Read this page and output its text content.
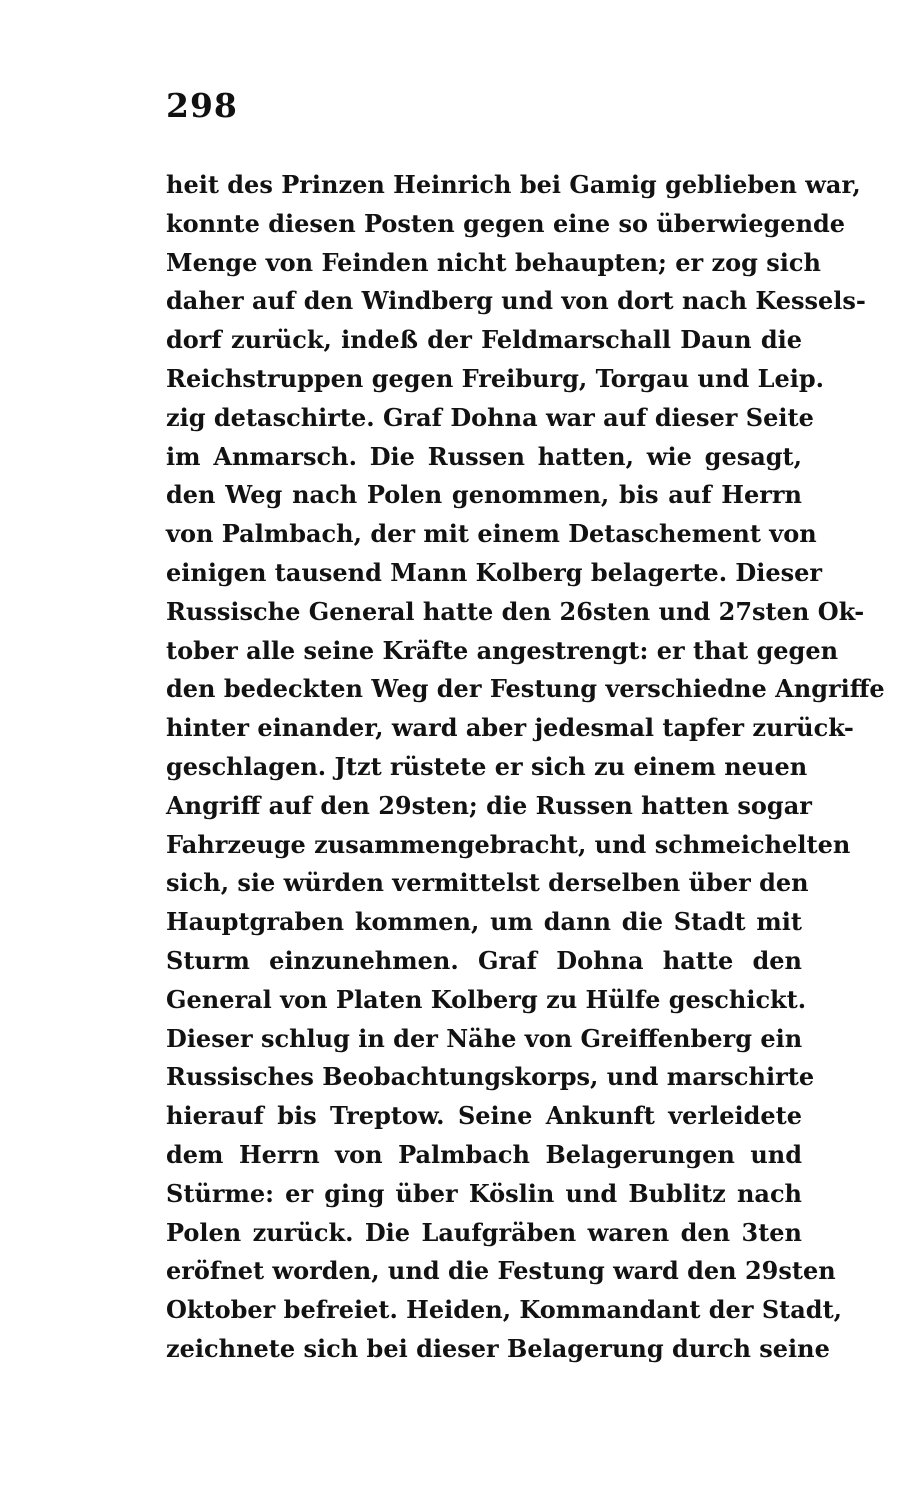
298
heit des Prinzen Heinrich bei Gamig geblieben war,
konnte diesen Posten gegen eine so überwiegende
Menge von Feinden nicht behaupten; er zog sich
daher auf den Windberg und von dort nach Kessels-
dorf zurück, indeß der Feldmarschall Daun die
Reichstruppen gegen Freiburg, Torgau und Leip.
zig detaschirte. Graf Dohna war auf dieser Seite
im Anmarsch. Die Russen hatten, wie gesagt,
den Weg nach Polen genommen, bis auf Herrn
von Palmbach, der mit einem Detaschement von
einigen tausend Mann Kolberg belagerte. Dieser
Russische General hatte den 26sten und 27sten Ok-
tober alle seine Kräfte angestrengt: er that gegen
den bedeckten Weg der Festung verschiedne Angriffe
hinter einander, ward aber jedesmal tapfer zurück-
geschlagen. Jtzt rüstete er sich zu einem neuen
Angriff auf den 29sten; die Russen hatten sogar
Fahrzeuge zusammengebracht, und schmeichelten
sich, sie würden vermittelst derselben über den
Hauptgraben kommen, um dann die Stadt mit
Sturm einzunehmen. Graf Dohna hatte den
General von Platen Kolberg zu Hülfe geschickt.
Dieser schlug in der Nähe von Greiffenberg ein
Russisches Beobachtungskorps, und marschirte
hierauf bis Treptow. Seine Ankunft verleidete
dem Herrn von Palmbach Belagerungen und
Stürme: er ging über Köslin und Bublitz nach
Polen zurück. Die Laufgräben waren den 3ten
eröfnet worden, und die Festung ward den 29sten
Oktober befreiet. Heiden, Kommandant der Stadt,
zeichnete sich bei dieser Belagerung durch seine
